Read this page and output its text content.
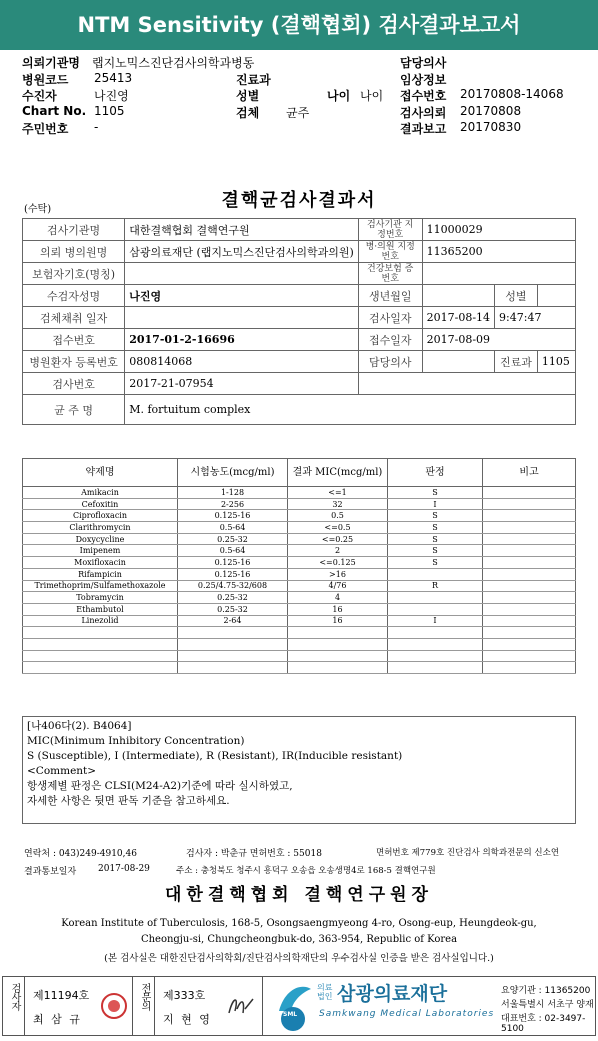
NTM Sensitivity (결핵협회) 검사결과보고서
의뢰기관명 랩지노믹스진단검사의학과병동	담당의사
병원코드 25413	진료과	임상정보
수진자	나진영	성별	나이 나이 접수번호 20170808-14068
Chart No. 1105	검체 균주	검사의뢰 20170808
주민번호 -	결과보고 20170830
(수탁)	결핵균검사결과서
검사기관명	대한결핵협회 결핵연구원	검사기관 지정번호	11000029		
의뢰 병의원명	삼광의료재단 (랩지노믹스진단검사의학과의원)	병·의원 지정번호	11365200		
보험자기호(명칭)		건강보험 증번호			
수검자성명	나진영	생년월일		성별	
검체채취 일자		검사일자	2017-08-14	9:47:47	
접수번호	2017-01-2-16696	접수일자	2017-08-09		
병원환자 등록번호	080814068	담당의사		진료과	1105
검사번호	2017-21-07954				
균 주 명	M. fortuitum complex				
약제명	시험농도(mcg/ml)	결과 MIC(mcg/ml)	판정	비고
Amikacin	1-128	<=1	S	
Cefoxitin	2-256	32	I	
Ciprofloxacin	0.125-16	0.5	S	
Clarithromycin	0.5-64	<=0.5	S	
Doxycycline	0.25-32	<=0.25	S	
Imipenem	0.5-64	2	S	
Moxifloxacin	0.125-16	<=0.125	S	
Rifampicin	0.125-16	>16		
Trimethoprim/Sulfamethoxazole	0.25/4.75-32/608	4/76	R	
Tobramycin	0.25-32	4		
Ethambutol	0.25-32	16		
Linezolid	2-64	16	I	

[나406다(2). B4064]
MIC(Minimum Inhibitory Concentration)
S (Susceptible), I (Intermediate), R (Resistant), IR(Inducible resistant)
<Comment>
항생제별 판정은 CLSI(M24-A2)기준에 따라 실시하였고,
자세한 사항은 뒷면 판독 기준을 참고하세요.
연락처 : 043)249-4910,46	검사자 : 박춘규 면허번호 : 55018	면허번호 제779호 진단검사 의학과전문의 신소연
결과통보일자 2017-08-29	주소 : 충청북도 청주시 흥덕구 오송읍 오송생명4로 168-5 결핵연구원
대한결핵협회 결핵연구원장
Korean Institute of Tuberculosis, 168-5, Osongsaengmyeong 4-ro, Osong-eup, Heungdeok-gu,
Cheongju-si, Chungcheongbuk-do, 363-954, Republic of Korea
(본 검사실은 대한진단검사의학회/진단검사의학재단의 우수검사실 인증을 받은 검사실입니다.)
검사자 제11194호
최 삼 규
전문의 제333호
지 현 영	SML
의료
법인 삼광의료재단
Samkwang Medical Laboratories
요양기관 : 11365200
서울특별시 서초구 양재
대표번호 : 02-3497-5100
